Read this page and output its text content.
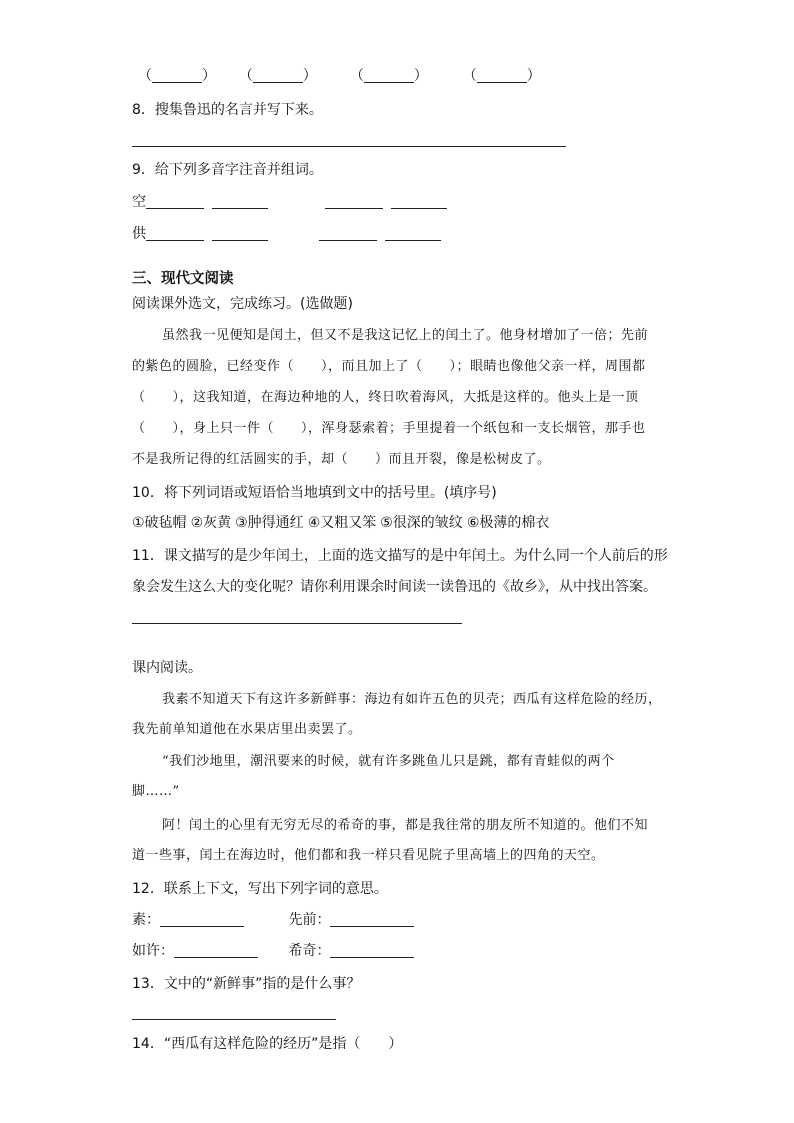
（	） （	） （	） （	）
8．搜集鲁迅的名言并写下来。
9．给下列多音字注音并组词。
空
供
三、现代文阅读
阅读课外选文，完成练习。(选做题)
虽然我一见便知是闰土，但又不是我这记忆上的闰土了。他身材增加了一倍；先前
的紫色的圆脸，已经变作（　　），而且加上了（　　）；眼睛也像他父亲一样，周围都
（　　），这我知道，在海边种地的人，终日吹着海风，大抵是这样的。他头上是一顶
（　　），身上只一件（　　），浑身瑟索着；手里提着一个纸包和一支长烟管，那手也
不是我所记得的红活圆实的手，却（　　）而且开裂，像是松树皮了。
10．将下列词语或短语恰当地填到文中的括号里。(填序号)
①破毡帽 ②灰黄 ③肿得通红 ④又粗又笨 ⑤很深的皱纹 ⑥极薄的棉衣
11．课文描写的是少年闰土，上面的选文描写的是中年闰土。为什么同一个人前后的形
象会发生这么大的变化呢？请你利用课余时间读一读鲁迅的《故乡》，从中找出答案。
课内阅读。
我素不知道天下有这许多新鲜事：海边有如许五色的贝壳；西瓜有这样危险的经历，
我先前单知道他在水果店里出卖罢了。
“我们沙地里，潮汛要来的时候，就有许多跳鱼儿只是跳，都有青蛙似的两个
脚……”
阿！闰土的心里有无穷无尽的希奇的事，都是我往常的朋友所不知道的。他们不知
道一些事，闰土在海边时，他们都和我一样只看见院子里高墙上的四角的天空。
12．联系上下文，写出下列字词的意思。
素：	先前：
如许：	希奇：
13．文中的“新鲜事”指的是什么事？
14．“西瓜有这样危险的经历”是指（　　）
